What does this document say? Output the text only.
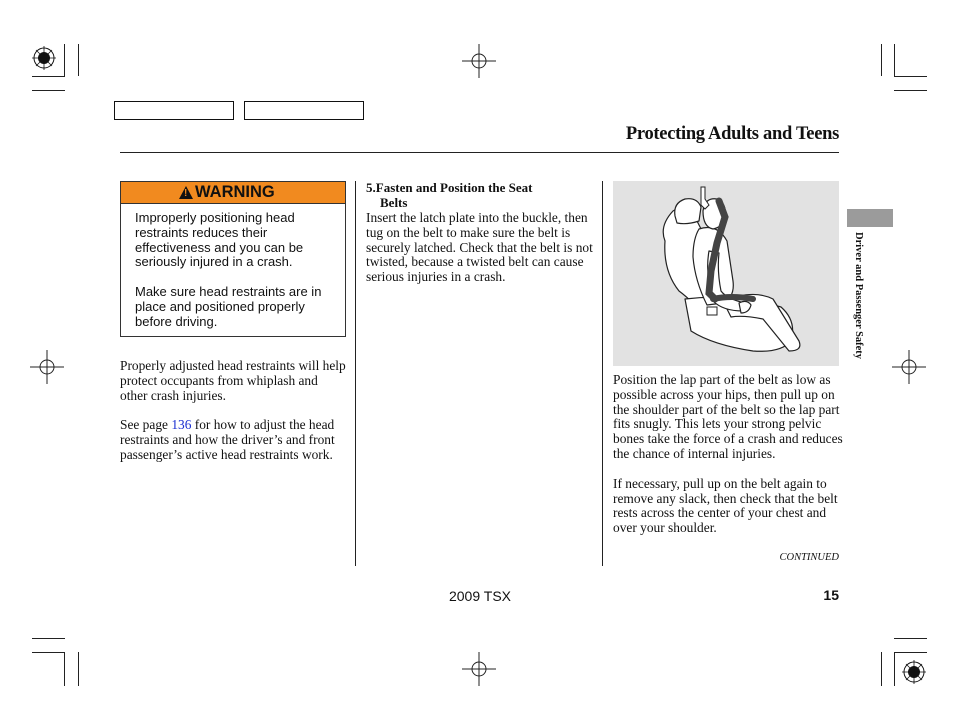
Protecting Adults and Teens
! WARNING

Improperly positioning head restraints reduces their effectiveness and you can be seriously injured in a crash.

Make sure head restraints are in place and positioned properly before driving.

Properly adjusted head restraints will help protect occupants from whiplash and other crash injuries.

See page 136 for how to adjust the head restraints and how the driver’s and front passenger’s active head restraints work.

5.Fasten and Position the Seat
Belts

Insert the latch plate into the buckle, then tug on the belt to make sure the belt is securely latched. Check that the belt is not twisted, because a twisted belt can cause serious injuries in a crash.

Position the lap part of the belt as low as possible across your hips, then pull up on the shoulder part of the belt so the lap part fits snugly. This lets your strong pelvic bones take the force of a crash and reduces the chance of internal injuries.

If necessary, pull up on the belt again to remove any slack, then check that the belt rests across the center of your chest and over your shoulder.

CONTINUED
Driver and Passenger Safety
2009 TSX	15
